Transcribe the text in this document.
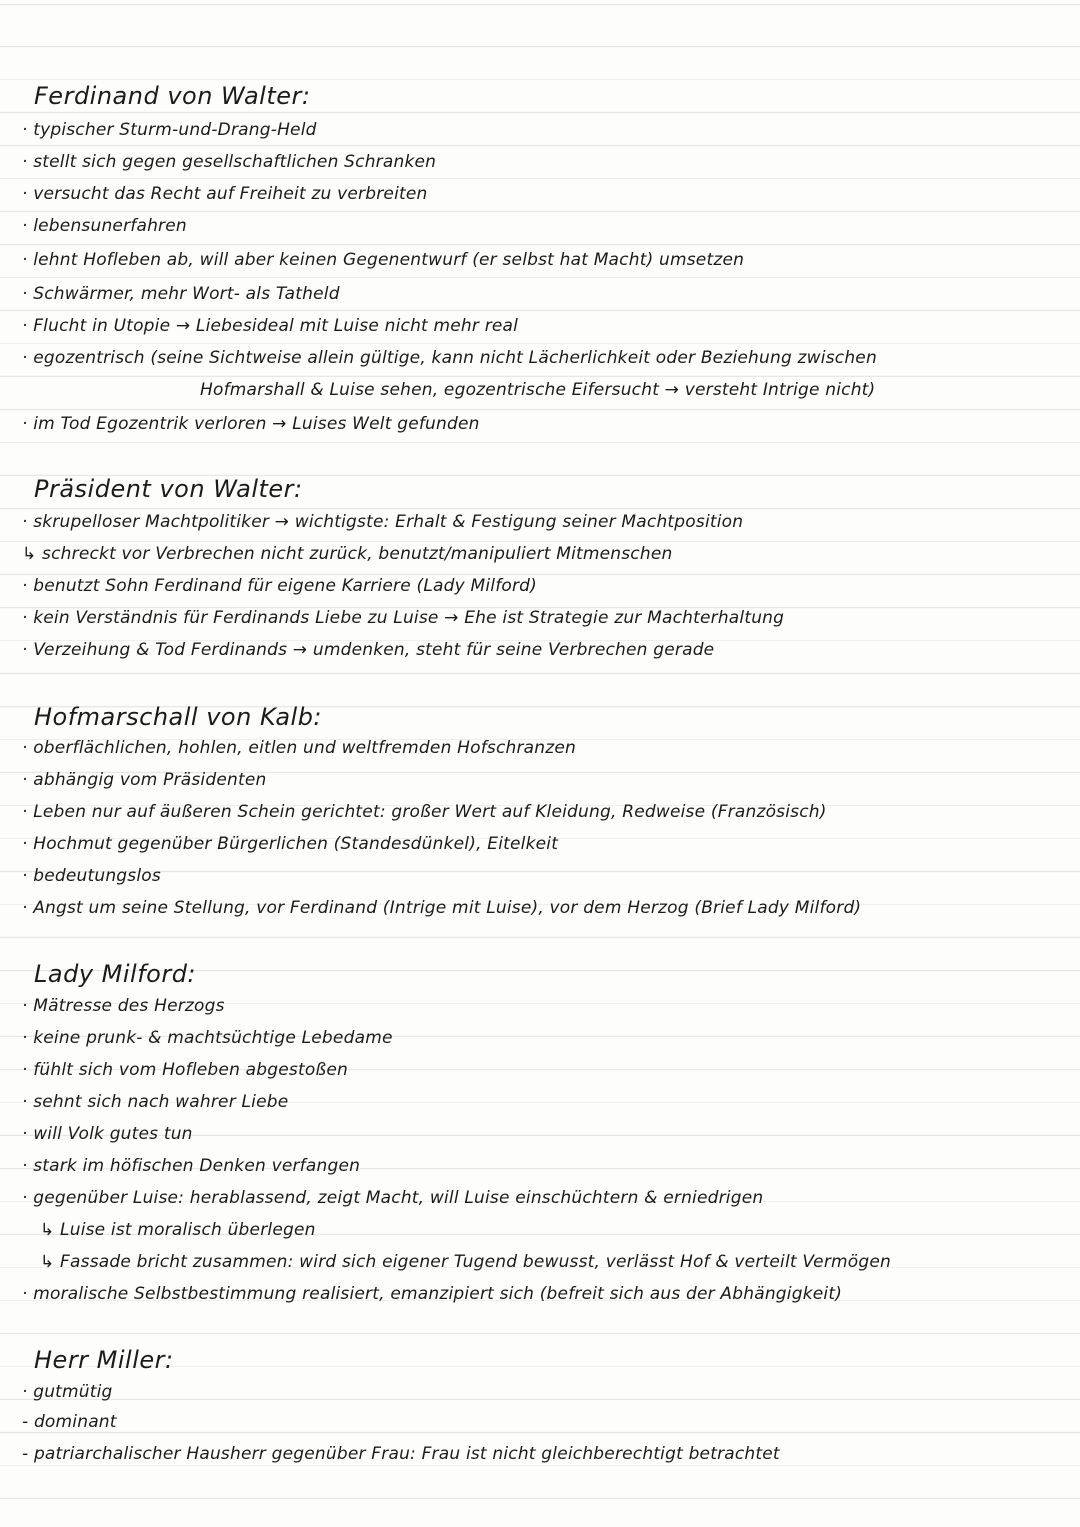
Ferdinand von Walter:
· typischer Sturm-und-Drang-Held
· stellt sich gegen gesellschaftlichen Schranken
· versucht das Recht auf Freiheit zu verbreiten
· lebensunerfahren
· lehnt Hofleben ab, will aber keinen Gegenentwurf (er selbst hat Macht) umsetzen
· Schwärmer, mehr Wort- als Tatheld
· Flucht in Utopie → Liebesideal mit Luise nicht mehr real
· egozentrisch (seine Sichtweise allein gültige, kann nicht Lächerlichkeit oder Beziehung zwischen
Hofmarshall & Luise sehen, egozentrische Eifersucht → versteht Intrige nicht)
· im Tod Egozentrik verloren → Luises Welt gefunden
Präsident von Walter:
· skrupelloser Machtpolitiker → wichtigste: Erhalt & Festigung seiner Machtposition
↳ schreckt vor Verbrechen nicht zurück, benutzt/manipuliert Mitmenschen
· benutzt Sohn Ferdinand für eigene Karriere (Lady Milford)
· kein Verständnis für Ferdinands Liebe zu Luise → Ehe ist Strategie zur Machterhaltung
· Verzeihung & Tod Ferdinands → umdenken, steht für seine Verbrechen gerade
Hofmarschall von Kalb:
· oberflächlichen, hohlen, eitlen und weltfremden Hofschranzen
· abhängig vom Präsidenten
· Leben nur auf äußeren Schein gerichtet: großer Wert auf Kleidung, Redweise (Französisch)
· Hochmut gegenüber Bürgerlichen (Standesdünkel), Eitelkeit
· bedeutungslos
· Angst um seine Stellung, vor Ferdinand (Intrige mit Luise), vor dem Herzog (Brief Lady Milford)
Lady Milford:
· Mätresse des Herzogs
· keine prunk- & machtsüchtige Lebedame
· fühlt sich vom Hofleben abgestoßen
· sehnt sich nach wahrer Liebe
· will Volk gutes tun
· stark im höfischen Denken verfangen
· gegenüber Luise: herablassend, zeigt Macht, will Luise einschüchtern & erniedrigen
↳ Luise ist moralisch überlegen
↳ Fassade bricht zusammen: wird sich eigener Tugend bewusst, verlässt Hof & verteilt Vermögen
· moralische Selbstbestimmung realisiert, emanzipiert sich (befreit sich aus der Abhängigkeit)
Herr Miller:
· gutmütig
- dominant
- patriarchalischer Hausherr gegenüber Frau: Frau ist nicht gleichberechtigt betrachtet
